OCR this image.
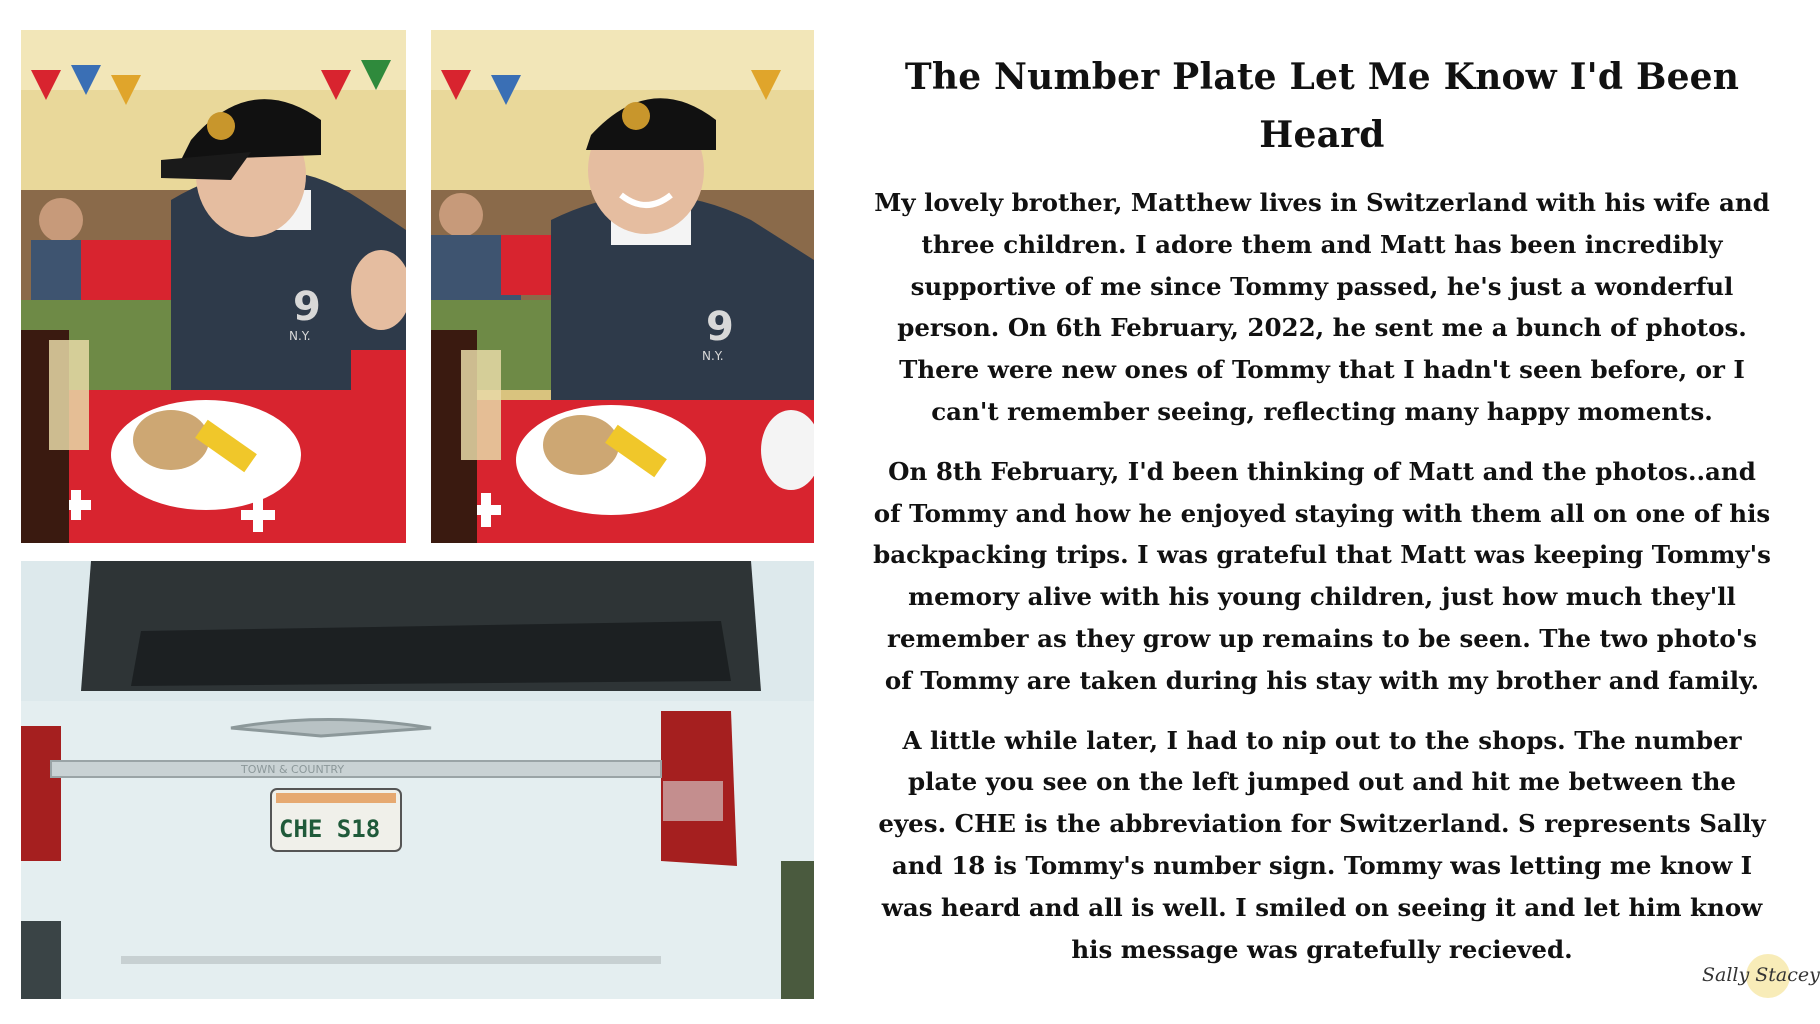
9
N.Y.	9
N.Y.
TOWN & COUNTRY
CHE S18
The Number Plate Let Me Know I'd Been Heard

My lovely brother, Matthew lives in Switzerland with his wife and three children. I adore them and Matt has been incredibly supportive of me since Tommy passed, he's just a wonderful person. On 6th February, 2022, he sent me a bunch of photos. There were new ones of Tommy that I hadn't seen before, or I can't remember seeing, reflecting many happy moments.

On 8th February, I'd been thinking of Matt and the photos..and of Tommy and how he enjoyed staying with them all on one of his backpacking trips. I was grateful that Matt was keeping Tommy's memory alive with his young children, just how much they'll remember as they grow up remains to be seen. The two photo's of Tommy are taken during his stay with my brother and family.

A little while later, I had to nip out to the shops. The number plate you see on the left jumped out and hit me between the eyes. CHE is the abbreviation for Switzerland. S represents Sally and 18 is Tommy's number sign. Tommy was letting me know I was heard and all is well. I smiled on seeing it and let him know his message was gratefully recieved.

Sally Stacey
